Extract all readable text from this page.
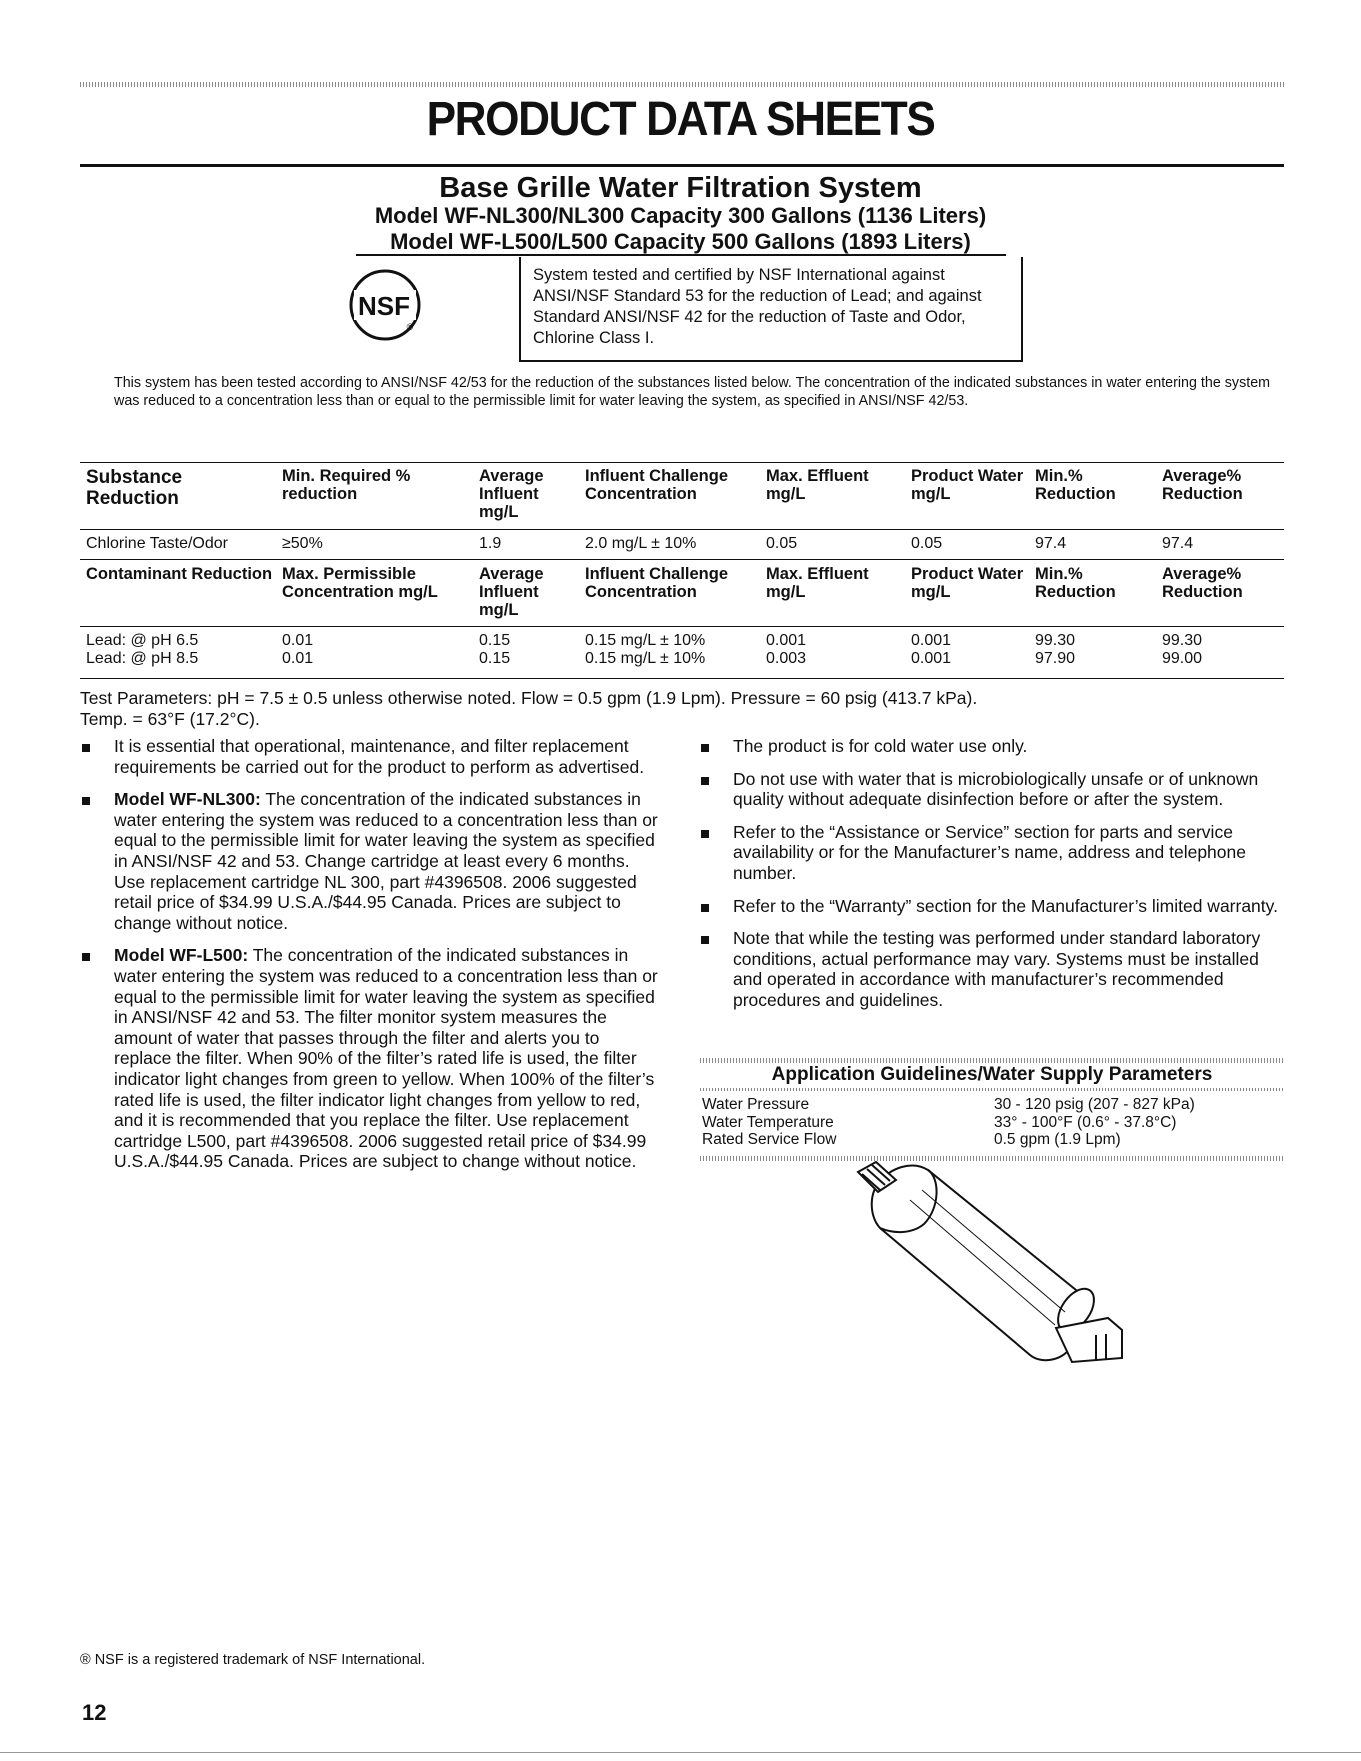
PRODUCT DATA SHEETS
Base Grille Water Filtration System
Model WF-NL300/NL300 Capacity 300 Gallons (1136 Liters)
Model WF-L500/L500 Capacity 500 Gallons (1893 Liters)
NSF
®
System tested and certified by NSF International against ANSI/NSF Standard 53 for the reduction of Lead; and against Standard ANSI/NSF 42 for the reduction of Taste and Odor, Chlorine Class I.
This system has been tested according to ANSI/NSF 42/53 for the reduction of the substances listed below. The concentration of the indicated substances in water entering the system was reduced to a concentration less than or equal to the permissible limit for water leaving the system, as specified in ANSI/NSF 42/53.
Substance Reduction	Min. Required % reduction	Average Influent mg/L	Influent Challenge Concentration	Max. Effluent mg/L	Product Water mg/L	Min.% Reduction	Average% Reduction
Chlorine Taste/Odor	≥50%	1.9	2.0 mg/L ± 10%	0.05	0.05	97.4	97.4
Contaminant Reduction	Max. Permissible Concentration mg/L	Average Influent mg/L	Influent Challenge Concentration	Max. Effluent mg/L	Product Water mg/L	Min.% Reduction	Average% Reduction
Lead: @ pH 6.5	0.01	0.15	0.15 mg/L ± 10%	0.001	0.001	99.30	99.30
Lead: @ pH 8.5	0.01	0.15	0.15 mg/L ± 10%	0.003	0.001	97.90	99.00
Test Parameters: pH = 7.5 ± 0.5 unless otherwise noted. Flow = 0.5 gpm (1.9 Lpm). Pressure = 60 psig (413.7 kPa).
Temp. = 63°F (17.2°C).
It is essential that operational, maintenance, and filter replacement requirements be carried out for the product to perform as advertised.
Model WF-NL300: The concentration of the indicated substances in water entering the system was reduced to a concentration less than or equal to the permissible limit for water leaving the system as specified in ANSI/NSF 42 and 53. Change cartridge at least every 6 months. Use replacement cartridge NL 300, part #4396508. 2006 suggested retail price of $34.99 U.S.A./$44.95 Canada. Prices are subject to change without notice.
Model WF-L500: The concentration of the indicated substances in water entering the system was reduced to a concentration less than or equal to the permissible limit for water leaving the system as specified in ANSI/NSF 42 and 53. The filter monitor system measures the amount of water that passes through the filter and alerts you to replace the filter. When 90% of the filter’s rated life is used, the filter indicator light changes from green to yellow. When 100% of the filter’s rated life is used, the filter indicator light changes from yellow to red, and it is recommended that you replace the filter. Use replacement cartridge L500, part #4396508. 2006 suggested retail price of $34.99 U.S.A./$44.95 Canada. Prices are subject to change without notice.
The product is for cold water use only.
Do not use with water that is microbiologically unsafe or of unknown quality without adequate disinfection before or after the system.
Refer to the “Assistance or Service” section for parts and service availability or for the Manufacturer’s name, address and telephone number.
Refer to the “Warranty” section for the Manufacturer’s limited warranty.
Note that while the testing was performed under standard laboratory conditions, actual performance may vary. Systems must be installed and operated in accordance with manufacturer’s recommended procedures and guidelines.
Application Guidelines/Water Supply Parameters
Water Pressure	30 - 120 psig (207 - 827 kPa)
Water Temperature	33° - 100°F (0.6° - 37.8°C)
Rated Service Flow	0.5 gpm (1.9 Lpm)
® NSF is a registered trademark of NSF International.
12
